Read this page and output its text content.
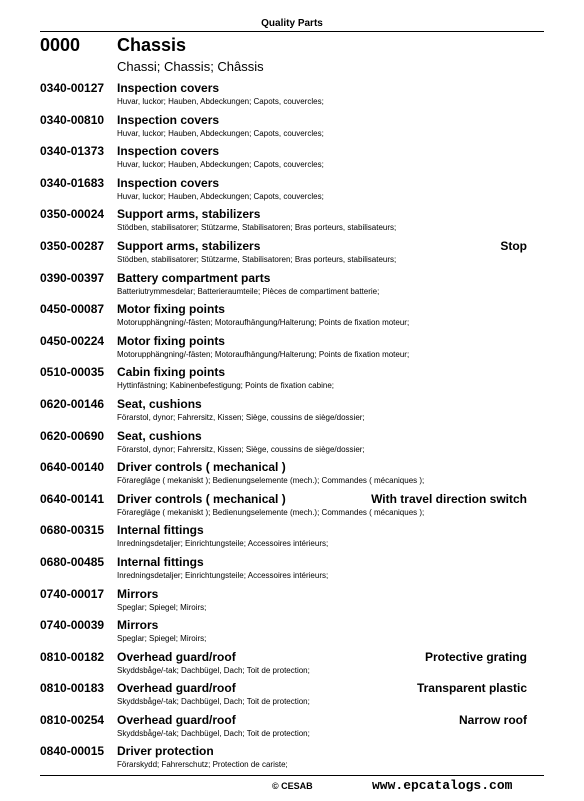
Quality Parts
0000 Chassis
Chassi; Chassis; Châssis
0340-00127 Inspection covers
Huvar, luckor; Hauben, Abdeckungen; Capots, couvercles;
0340-00810 Inspection covers
Huvar, luckor; Hauben, Abdeckungen; Capots, couvercles;
0340-01373 Inspection covers
Huvar, luckor; Hauben, Abdeckungen; Capots, couvercles;
0340-01683 Inspection covers
Huvar, luckor; Hauben, Abdeckungen; Capots, couvercles;
0350-00024 Support arms, stabilizers
Stödben, stabilisatorer; Stützarme, Stabilisatoren; Bras porteurs, stabilisateurs;
0350-00287 Support arms, stabilizers	Stop
Stödben, stabilisatorer; Stützarme, Stabilisatoren; Bras porteurs, stabilisateurs;
0390-00397 Battery compartment parts
Batteriutrymmesdelar; Batterieraumteile; Pièces de compartiment batterie;
0450-00087 Motor fixing points
Motorupphängning/-fästen; Motoraufhängung/Halterung; Points de fixation moteur;
0450-00224 Motor fixing points
Motorupphängning/-fästen; Motoraufhängung/Halterung; Points de fixation moteur;
0510-00035 Cabin fixing points
Hyttinfästning; Kabinenbefestigung; Points de fixation cabine;
0620-00146 Seat, cushions
Förarstol, dynor; Fahrersitz, Kissen; Siège, coussins de siège/dossier;
0620-00690 Seat, cushions
Förarstol, dynor; Fahrersitz, Kissen; Siège, coussins de siège/dossier;
0640-00140 Driver controls ( mechanical )
Föraregläge ( mekaniskt ); Bedienungselemente (mech.); Commandes ( mécaniques );
0640-00141 Driver controls ( mechanical )	With travel direction switch
Föraregläge ( mekaniskt ); Bedienungselemente (mech.); Commandes ( mécaniques );
0680-00315 Internal fittings
Inredningsdetaljer; Einrichtungsteile; Accessoires intérieurs;
0680-00485 Internal fittings
Inredningsdetaljer; Einrichtungsteile; Accessoires intérieurs;
0740-00017 Mirrors
Speglar; Spiegel; Miroirs;
0740-00039 Mirrors
Speglar; Spiegel; Miroirs;
0810-00182 Overhead guard/roof	Protective grating
Skyddsbåge/-tak; Dachbügel, Dach; Toit de protection;
0810-00183 Overhead guard/roof	Transparent plastic
Skyddsbåge/-tak; Dachbügel, Dach; Toit de protection;
0810-00254 Overhead guard/roof	Narrow roof
Skyddsbåge/-tak; Dachbügel, Dach; Toit de protection;
0840-00015 Driver protection
Förarskydd; Fahrerschutz; Protection de cariste;
© CESAB	www.epcatalogs.com
